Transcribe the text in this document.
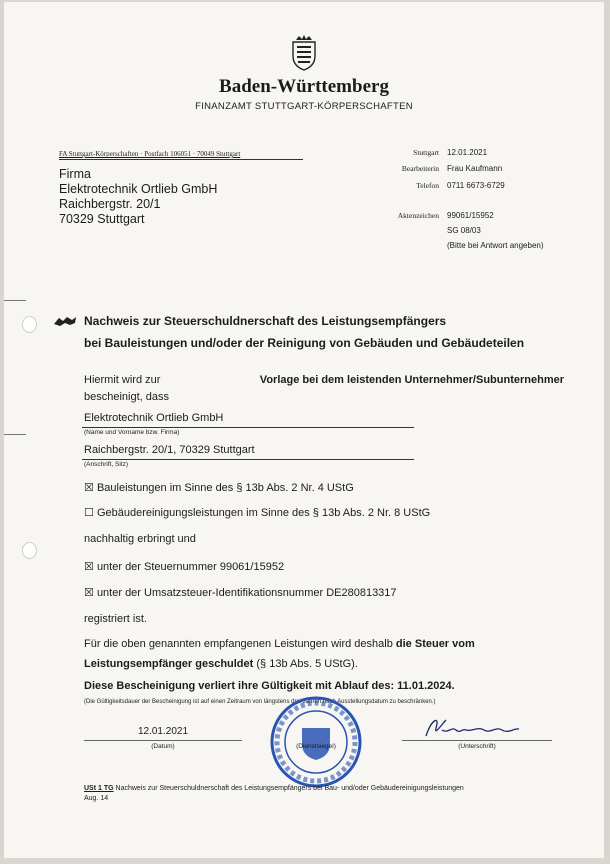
Baden-Württemberg
FINANZAMT STUTTGART-KÖRPERSCHAFTEN
FA Stuttgart-Körperschaften · Postfach 106051 · 70049 Stuttgart
Firma
Elektrotechnik Ortlieb GmbH
Raichbergstr. 20/1
70329 Stuttgart
Stuttgart 12.01.2021
Bearbeiterin Frau Kaufmann
Telefon 0711 6673-6729
Aktenzeichen 99061/15952
SG 08/03
(Bitte bei Antwort angeben)
Nachweis zur Steuerschuldnerschaft des Leistungsempfängers
bei Bauleistungen und/oder der Reinigung von Gebäuden und Gebäudeteilen
Hiermit wird zur	Vorlage bei dem leistenden Unternehmer/Subunternehmer
bescheinigt, dass
Elektrotechnik Ortlieb GmbH
(Name und Vorname bzw. Firma)
Raichbergstr. 20/1, 70329 Stuttgart
(Anschrift, Sitz)
☒ Bauleistungen im Sinne des § 13b Abs. 2 Nr. 4 UStG
☐ Gebäudereinigungsleistungen im Sinne des § 13b Abs. 2 Nr. 8 UStG
nachhaltig erbringt und
☒ unter der Steuernummer 99061/15952
☒ unter der Umsatzsteuer-Identifikationsnummer DE280813317
registriert ist.
Für die oben genannten empfangenen Leistungen wird deshalb die Steuer vom
Leistungsempfänger geschuldet (§ 13b Abs. 5 UStG).
Diese Bescheinigung verliert ihre Gültigkeit mit Ablauf des: 11.01.2024.
(Die Gültigkeitsdauer der Bescheinigung ist auf einen Zeitraum von längstens drei Jahren nach Ausstellungsdatum zu beschränken.)
12.01.2021
(Datum)	(Dienstsiegel)	(Unterschrift)
USt 1 TG Nachweis zur Steuerschuldnerschaft des Leistungsempfängers bei Bau- und/oder Gebäudereinigungsleistungen
Aug. 14
